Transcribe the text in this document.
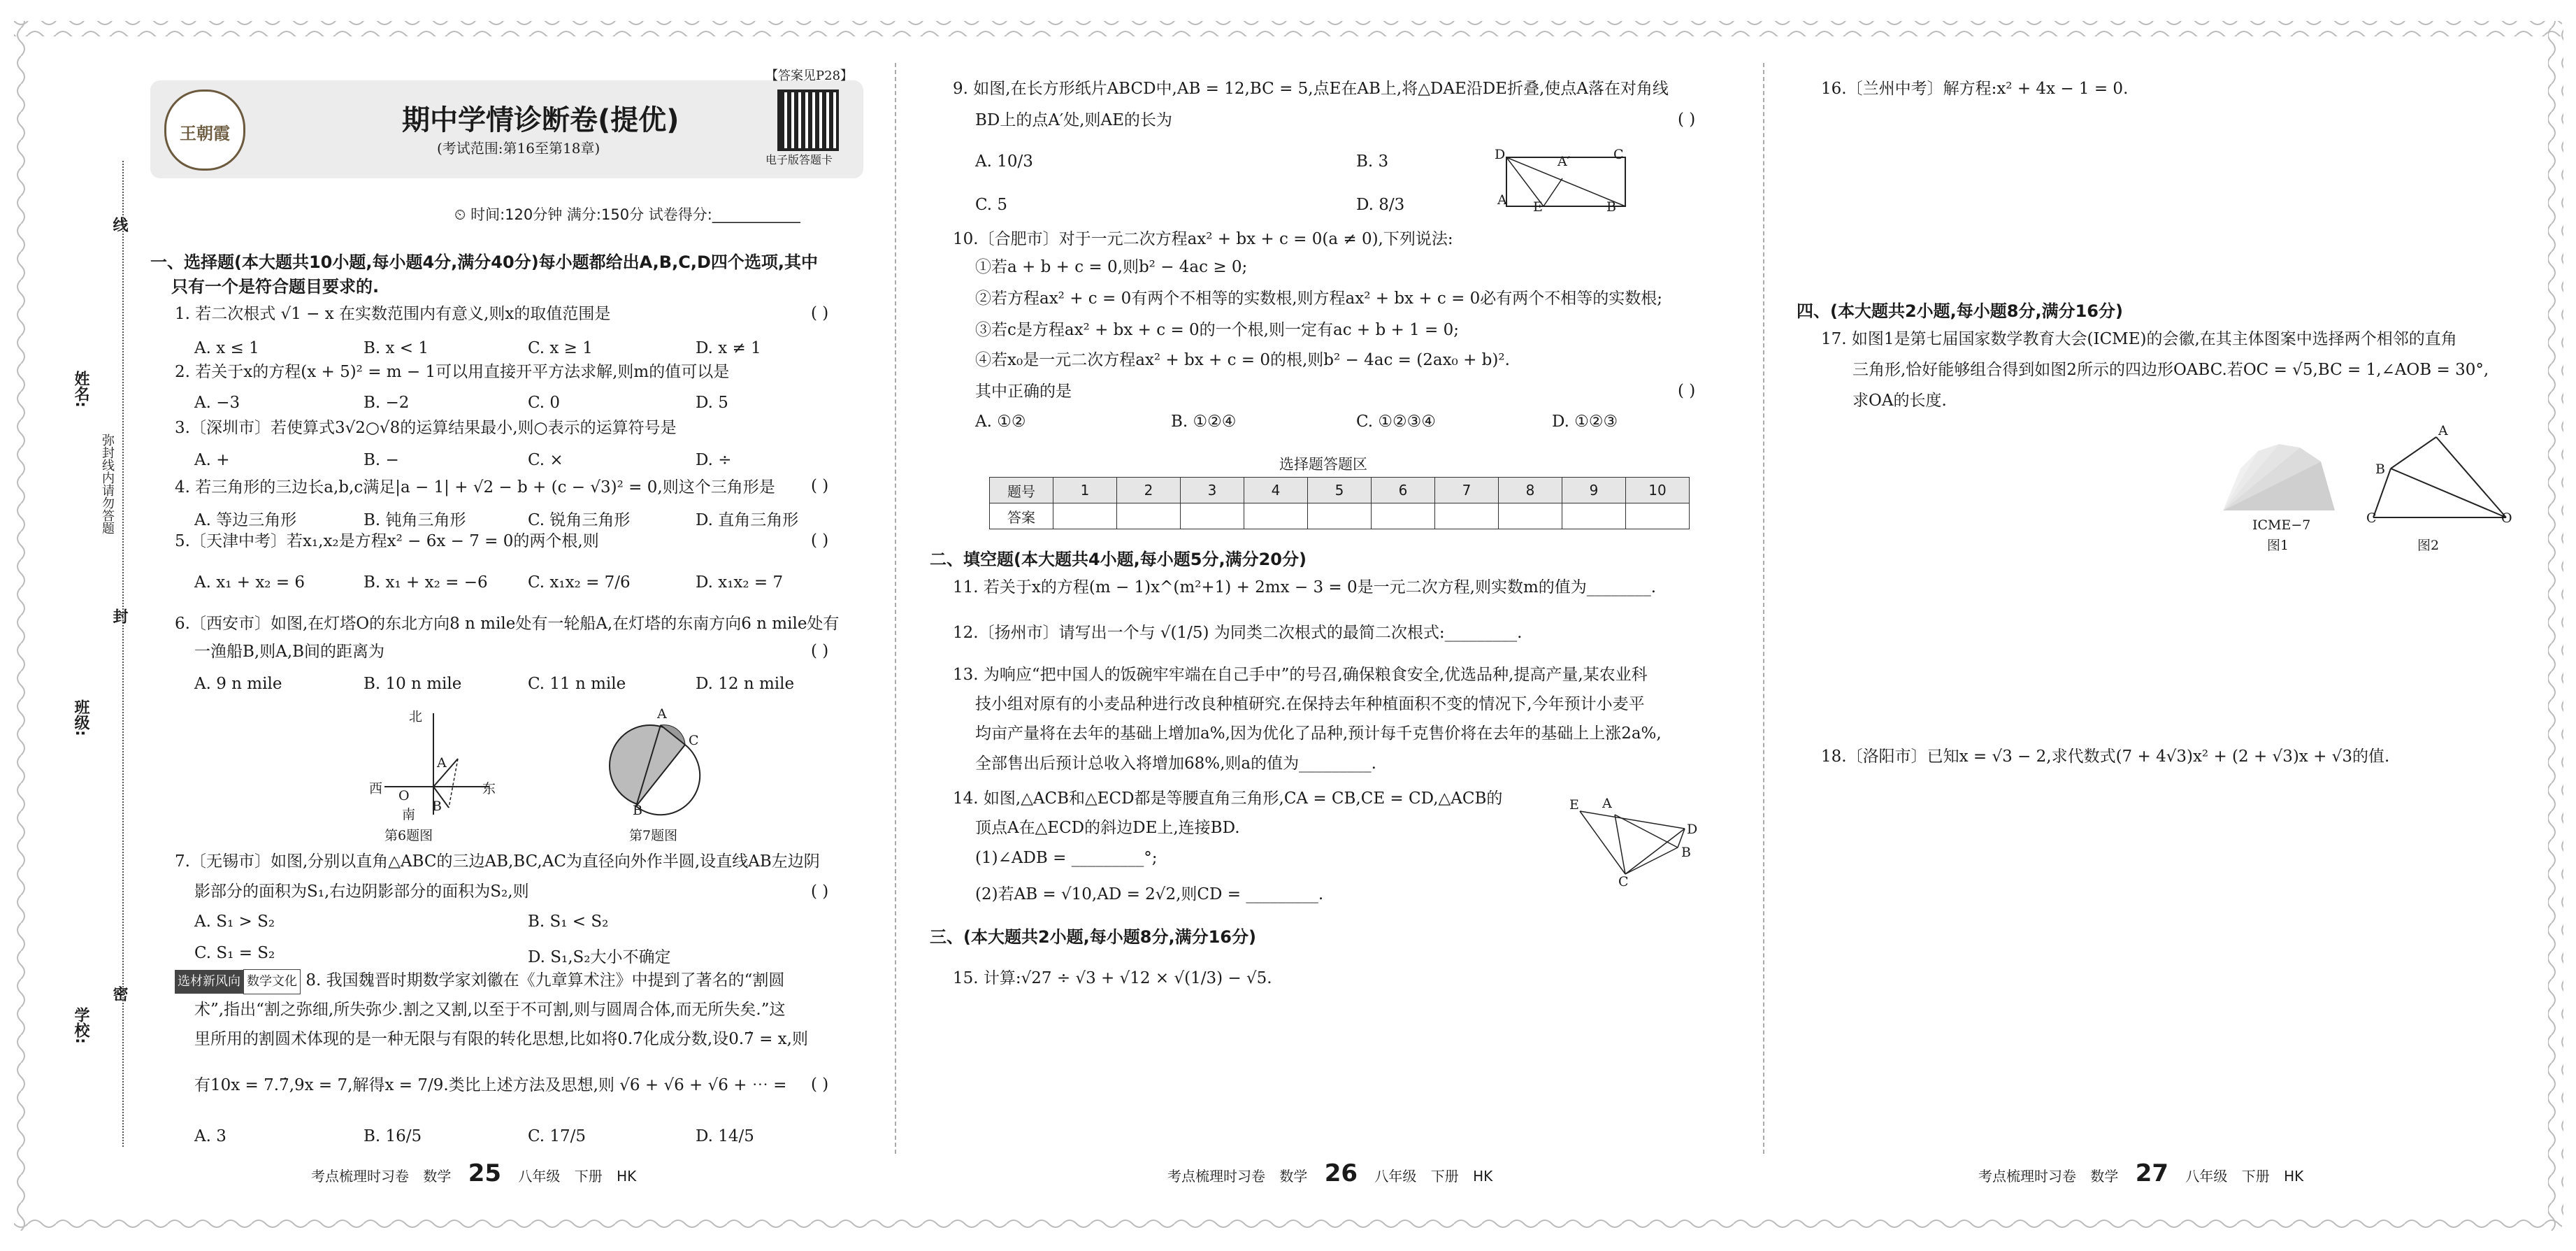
线
姓名:
弥封线内请勿答题
封
班级:
密
学校:
王朝霞	期中学情诊断卷(提优)
(考试范围:第16至第18章)
【答案见P28】
电子版答题卡
⏲ 时间:120分钟 满分:150分 试卷得分:____________
一、选择题(本大题共10小题,每小题4分,满分40分)每小题都给出A,B,C,D四个选项,其中
只有一个是符合题目要求的.
1. 若二次根式 √1 − x 在实数范围内有意义,则x的取值范围是	( )
A. x ≤ 1	B. x < 1	C. x ≥ 1	D. x ≠ 1
2. 若关于x的方程(x + 5)² = m − 1可以用直接开平方法求解,则m的值可以是
A. −3	B. −2	C. 0	D. 5
3.〔深圳市〕若使算式3√2○√8的运算结果最小,则○表示的运算符号是
A. +	B. −	C. ×	D. ÷
4. 若三角形的三边长a,b,c满足|a − 1| + √2 − b + (c − √3)² = 0,则这个三角形是 ( )
A. 等边三角形	B. 钝角三角形	C. 锐角三角形	D. 直角三角形
5.〔天津中考〕若x₁,x₂是方程x² − 6x − 7 = 0的两个根,则	( )
A. x₁ + x₂ = 6	B. x₁ + x₂ = −6 C. x₁x₂ = 7/6	D. x₁x₂ = 7
6.〔西安市〕如图,在灯塔O的东北方向8 n mile处有一轮船A,在灯塔的东南方向6 n mile处有
一渔船B,则A,B间的距离为	( )
A. 9 n mile	B. 10 n mile	C. 11 n mile	D. 12 n mile
北
西	东
南
A
O
B
第6题图
A
C
B
第7题图
7.〔无锡市〕如图,分别以直角△ABC的三边AB,BC,AC为直径向外作半圆,设直线AB左边阴
影部分的面积为S₁,右边阴影部分的面积为S₂,则	( )
A. S₁ > S₂	B. S₁ < S₂
C. S₁ = S₂	D. S₁,S₂大小不确定
选材新风向 数学文化 8. 我国魏晋时期数学家刘徽在《九章算术注》中提到了著名的“割圆
术”,指出“割之弥细,所失弥少.割之又割,以至于不可割,则与圆周合体,而无所失矣.”这
里所用的割圆术体现的是一种无限与有限的转化思想,比如将0.7̇化成分数,设0.7̇ = x,则
有10x = 7.7̇,9x = 7,解得x = 7/9.类比上述方法及思想,则 √6 + √6 + √6 + ⋯ = ( )
A. 3	B. 16/5	C. 17/5	D. 14/5
9. 如图,在长方形纸片ABCD中,AB = 12,BC = 5,点E在AB上,将△DAE沿DE折叠,使点A落在对角线
BD上的点A′处,则AE的长为	( )
A. 10/3	B. 3
C. 5	D. 8/3
D	A′	C
A E	B
10.〔合肥市〕对于一元二次方程ax² + bx + c = 0(a ≠ 0),下列说法:
①若a + b + c = 0,则b² − 4ac ≥ 0;
②若方程ax² + c = 0有两个不相等的实数根,则方程ax² + bx + c = 0必有两个不相等的实数根;
③若c是方程ax² + bx + c = 0的一个根,则一定有ac + b + 1 = 0;
④若x₀是一元二次方程ax² + bx + c = 0的根,则b² − 4ac = (2ax₀ + b)².
其中正确的是	( )
A. ①②	B. ①②④	C. ①②③④	D. ①②③
选择题答题区
题号	1	2	3	4	5	6	7	8	9	10
答案										
二、填空题(本大题共4小题,每小题5分,满分20分)
11. 若关于x的方程(m − 1)x^(m²+1) + 2mx − 3 = 0是一元二次方程,则实数m的值为________.
12.〔扬州市〕请写出一个与 √(1/5) 为同类二次根式的最简二次根式:_________.
13. 为响应“把中国人的饭碗牢牢端在自己手中”的号召,确保粮食安全,优选品种,提高产量,某农业科
技小组对原有的小麦品种进行改良种植研究.在保持去年种植面积不变的情况下,今年预计小麦平
均亩产量将在去年的基础上增加a%,因为优化了品种,预计每千克售价将在去年的基础上上涨2a%,
全部售出后预计总收入将增加68%,则a的值为_________.
14. 如图,△ACB和△ECD都是等腰直角三角形,CA = CB,CE = CD,△ACB的
顶点A在△ECD的斜边DE上,连接BD.
(1)∠ADB = _________°;
(2)若AB = √10,AD = 2√2,则CD = _________.
E A
D
B
C
三、(本大题共2小题,每小题8分,满分16分)
15. 计算:√27 ÷ √3 + √12 × √(1/3) − √5.
16.〔兰州中考〕解方程:x² + 4x − 1 = 0.
四、(本大题共2小题,每小题8分,满分16分)
17. 如图1是第七届国家数学教育大会(ICME)的会徽,在其主体图案中选择两个相邻的直角
三角形,恰好能够组合得到如图2所示的四边形OABC.若OC = √5,BC = 1,∠AOB = 30°,
求OA的长度.
ICME−7
图1
A
B
C	O
图2
18.〔洛阳市〕已知x = √3 − 2,求代数式(7 + 4√3)x² + (2 + √3)x + √3的值.
考点梳理时习卷 数学 25 八年级 下册 HK	考点梳理时习卷 数学 26 八年级 下册 HK	考点梳理时习卷 数学 27 八年级 下册 HK
